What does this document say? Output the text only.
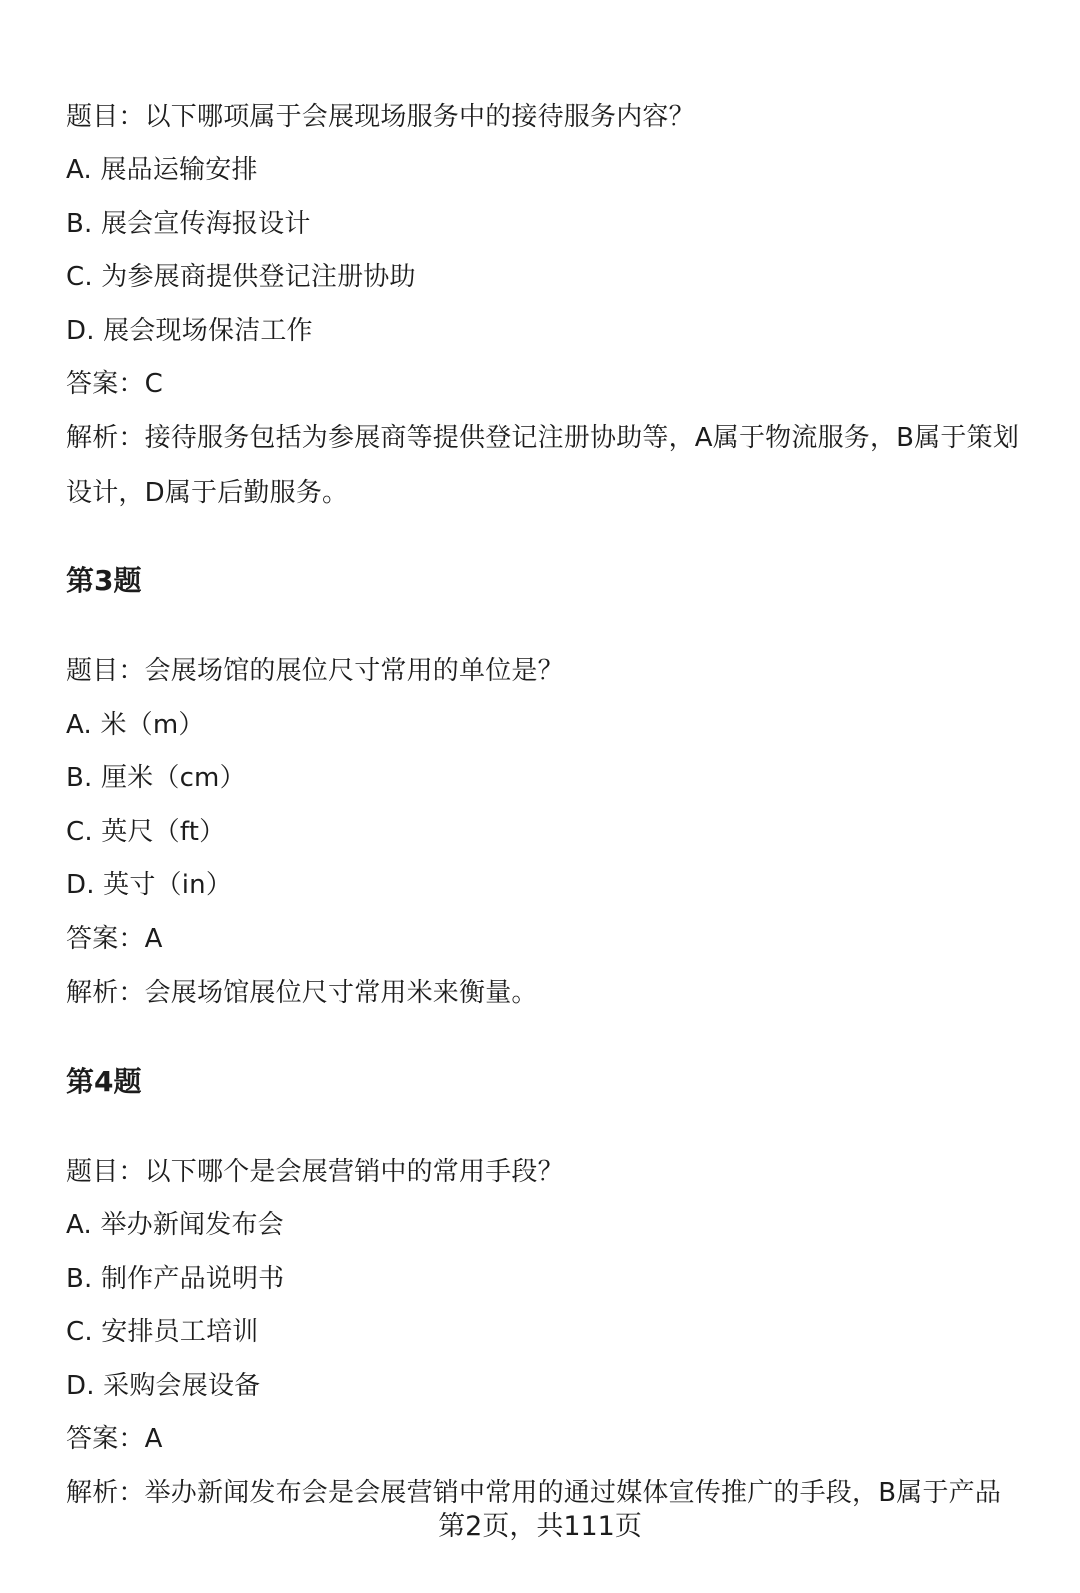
题目：以下哪项属于会展现场服务中的接待服务内容？
A. 展品运输安排
B. 展会宣传海报设计
C. 为参展商提供登记注册协助
D. 展会现场保洁工作
答案：C
解析：接待服务包括为参展商等提供登记注册协助等，A属于物流服务，B属于策划
设计，D属于后勤服务。
第3题
题目：会展场馆的展位尺寸常用的单位是？
A. 米（m）
B. 厘米（cm）
C. 英尺（ft）
D. 英寸（in）
答案：A
解析：会展场馆展位尺寸常用米来衡量。
第4题
题目：以下哪个是会展营销中的常用手段？
A. 举办新闻发布会
B. 制作产品说明书
C. 安排员工培训
D. 采购会展设备
答案：A
解析：举办新闻发布会是会展营销中常用的通过媒体宣传推广的手段，B属于产品
第2页，共111页
